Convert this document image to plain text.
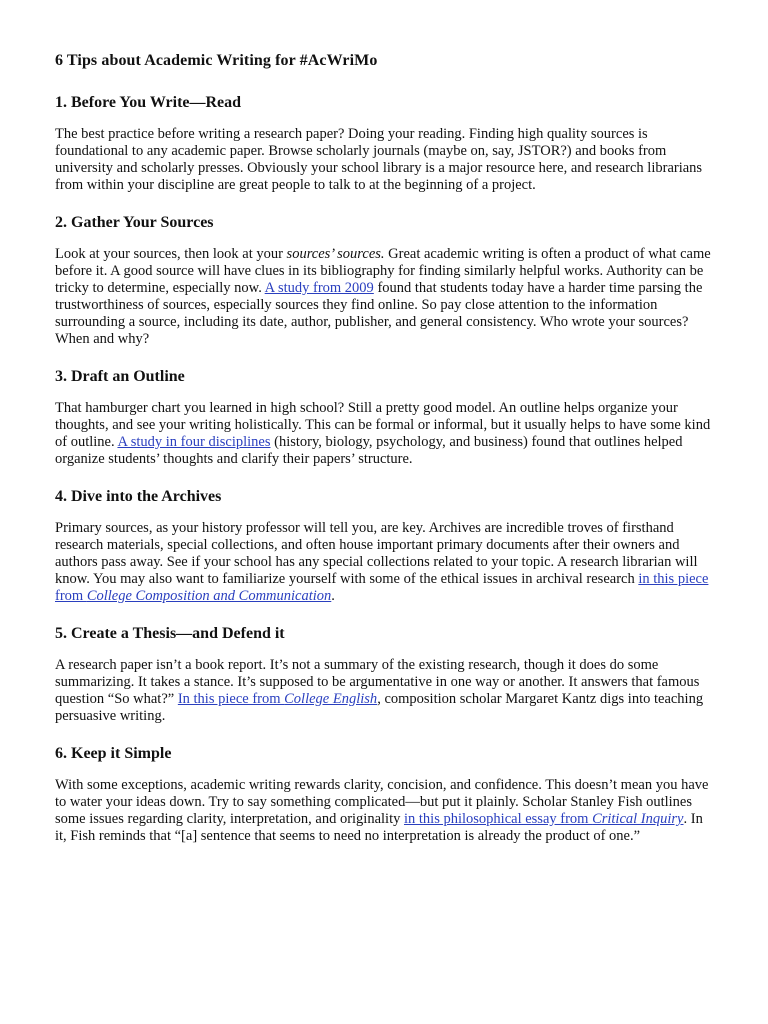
6 Tips about Academic Writing for #AcWriMo
1. Before You Write—Read

The best practice before writing a research paper? Doing your reading. Finding high quality sources is foundational to any academic paper. Browse scholarly journals (maybe on, say, JSTOR?) and books from university and scholarly presses. Obviously your school library is a major resource here, and research librarians from within your discipline are great people to talk to at the beginning of a project.

2. Gather Your Sources

Look at your sources, then look at your sources’ sources. Great academic writing is often a product of what came before it. A good source will have clues in its bibliography for finding similarly helpful works. Authority can be tricky to determine, especially now. A study from 2009 found that students today have a harder time parsing the trustworthiness of sources, especially sources they find online. So pay close attention to the information surrounding a source, including its date, author, publisher, and general consistency. Who wrote your sources? When and why?

3. Draft an Outline

That hamburger chart you learned in high school? Still a pretty good model. An outline helps organize your thoughts, and see your writing holistically. This can be formal or informal, but it usually helps to have some kind of outline. A study in four disciplines (history, biology, psychology, and business) found that outlines helped organize students’ thoughts and clarify their papers’ structure.

4. Dive into the Archives

Primary sources, as your history professor will tell you, are key. Archives are incredible troves of firsthand research materials, special collections, and often house important primary documents after their owners and authors pass away. See if your school has any special collections related to your topic. A research librarian will know. You may also want to familiarize yourself with some of the ethical issues in archival research in this piece from College Composition and Communication.

5. Create a Thesis—and Defend it

A research paper isn’t a book report. It’s not a summary of the existing research, though it does do some summarizing. It takes a stance. It’s supposed to be argumentative in one way or another. It answers that famous question “So what?” In this piece from College English, composition scholar Margaret Kantz digs into teaching persuasive writing.

6. Keep it Simple

With some exceptions, academic writing rewards clarity, concision, and confidence. This doesn’t mean you have to water your ideas down. Try to say something complicated—but put it plainly. Scholar Stanley Fish outlines some issues regarding clarity, interpretation, and originality in this philosophical essay from Critical Inquiry. In it, Fish reminds that “[a] sentence that seems to need no interpretation is already the product of one.”
